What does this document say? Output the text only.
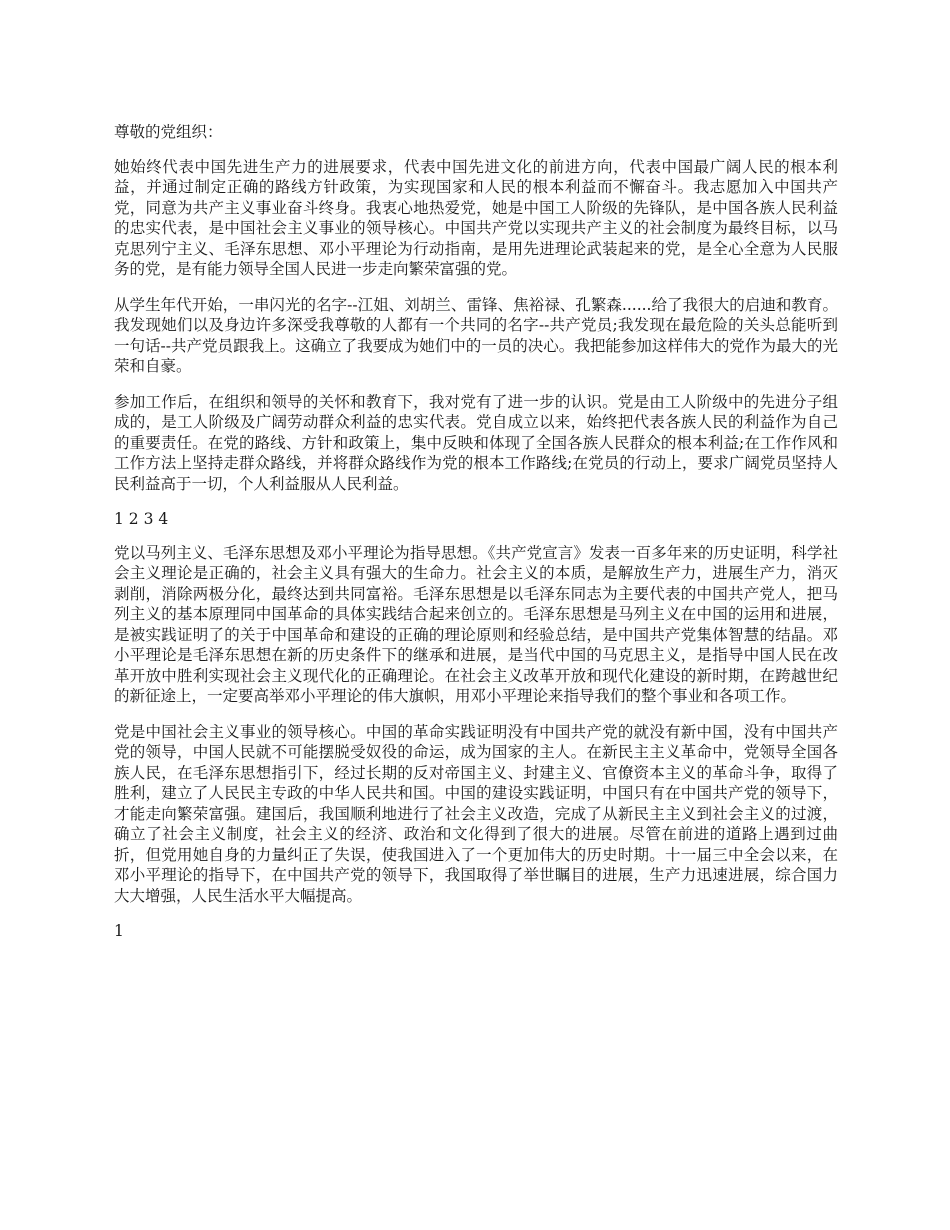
尊敬的党组织：

她始终代表中国先进生产力的进展要求，代表中国先进文化的前进方向，代表中国最广阔人民的根本利益，并通过制定正确的路线方针政策，为实现国家和人民的根本利益而不懈奋斗。我志愿加入中国共产党，同意为共产主义事业奋斗终身。我衷心地热爱党，她是中国工人阶级的先锋队，是中国各族人民利益的忠实代表，是中国社会主义事业的领导核心。中国共产党以实现共产主义的社会制度为最终目标，以马克思列宁主义、毛泽东思想、邓小平理论为行动指南，是用先进理论武装起来的党，是全心全意为人民服务的党，是有能力领导全国人民进一步走向繁荣富强的党。

从学生年代开始，一串闪光的名字--江姐、刘胡兰、雷锋、焦裕禄、孔繁森......给了我很大的启迪和教育。我发现她们以及身边许多深受我尊敬的人都有一个共同的名字--共产党员;我发现在最危险的关头总能听到一句话--共产党员跟我上。这确立了我要成为她们中的一员的决心。我把能参加这样伟大的党作为最大的光荣和自豪。

参加工作后，在组织和领导的关怀和教育下，我对党有了进一步的认识。党是由工人阶级中的先进分子组成的，是工人阶级及广阔劳动群众利益的忠实代表。党自成立以来，始终把代表各族人民的利益作为自己的重要责任。在党的路线、方针和政策上，集中反映和体现了全国各族人民群众的根本利益;在工作作风和工作方法上坚持走群众路线，并将群众路线作为党的根本工作路线;在党员的行动上，要求广阔党员坚持人民利益高于一切，个人利益服从人民利益。

1 2 3 4

党以马列主义、毛泽东思想及邓小平理论为指导思想。《共产党宣言》发表一百多年来的历史证明，科学社会主义理论是正确的，社会主义具有强大的生命力。社会主义的本质，是解放生产力，进展生产力，消灭剥削，消除两极分化，最终达到共同富裕。毛泽东思想是以毛泽东同志为主要代表的中国共产党人，把马列主义的基本原理同中国革命的具体实践结合起来创立的。毛泽东思想是马列主义在中国的运用和进展，是被实践证明了的关于中国革命和建设的正确的理论原则和经验总结，是中国共产党集体智慧的结晶。邓小平理论是毛泽东思想在新的历史条件下的继承和进展，是当代中国的马克思主义，是指导中国人民在改革开放中胜利实现社会主义现代化的正确理论。在社会主义改革开放和现代化建设的新时期，在跨越世纪的新征途上，一定要高举邓小平理论的伟大旗帜，用邓小平理论来指导我们的整个事业和各项工作。

党是中国社会主义事业的领导核心。中国的革命实践证明没有中国共产党的就没有新中国，没有中国共产党的领导，中国人民就不可能摆脱受奴役的命运，成为国家的主人。在新民主主义革命中，党领导全国各族人民，在毛泽东思想指引下，经过长期的反对帝国主义、封建主义、官僚资本主义的革命斗争，取得了胜利，建立了人民民主专政的中华人民共和国。中国的建设实践证明，中国只有在中国共产党的领导下，才能走向繁荣富强。建国后，我国顺利地进行了社会主义改造，完成了从新民主主义到社会主义的过渡，确立了社会主义制度，社会主义的经济、政治和文化得到了很大的进展。尽管在前进的道路上遇到过曲折，但党用她自身的力量纠正了失误，使我国进入了一个更加伟大的历史时期。十一届三中全会以来，在邓小平理论的指导下，在中国共产党的领导下，我国取得了举世瞩目的进展，生产力迅速进展，综合国力大大增强，人民生活水平大幅提高。

1
